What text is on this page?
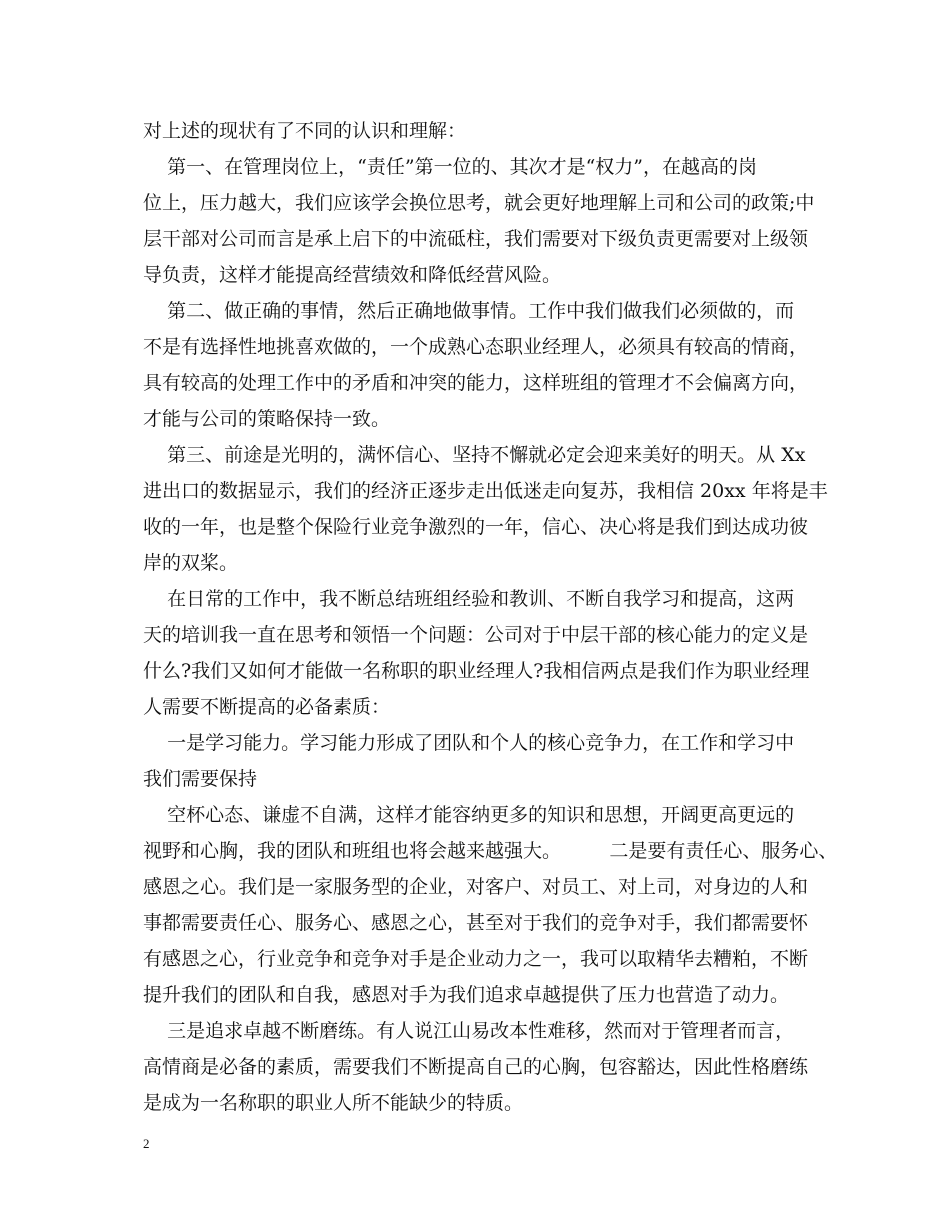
对上述的现状有了不同的认识和理解：
第一、在管理岗位上，“责任”第一位的、其次才是“权力”，在越高的岗
位上，压力越大，我们应该学会换位思考，就会更好地理解上司和公司的政策;中
层干部对公司而言是承上启下的中流砥柱，我们需要对下级负责更需要对上级领
导负责，这样才能提高经营绩效和降低经营风险。
第二、做正确的事情，然后正确地做事情。工作中我们做我们必须做的，而
不是有选择性地挑喜欢做的，一个成熟心态职业经理人，必须具有较高的情商，
具有较高的处理工作中的矛盾和冲突的能力，这样班组的管理才不会偏离方向，
才能与公司的策略保持一致。
第三、前途是光明的，满怀信心、坚持不懈就必定会迎来美好的明天。从 Xx
进出口的数据显示，我们的经济正逐步走出低迷走向复苏，我相信 20xx 年将是丰
收的一年，也是整个保险行业竞争激烈的一年，信心、决心将是我们到达成功彼
岸的双桨。
在日常的工作中，我不断总结班组经验和教训、不断自我学习和提高，这两
天的培训我一直在思考和领悟一个问题：公司对于中层干部的核心能力的定义是
什么?我们又如何才能做一名称职的职业经理人?我相信两点是我们作为职业经理
人需要不断提高的必备素质：
一是学习能力。学习能力形成了团队和个人的核心竞争力，在工作和学习中
我们需要保持
空杯心态、谦虚不自满，这样才能容纳更多的知识和思想，开阔更高更远的
视野和心胸，我的团队和班组也将会越来越强大。        二是要有责任心、服务心、
感恩之心。我们是一家服务型的企业，对客户、对员工、对上司，对身边的人和
事都需要责任心、服务心、感恩之心，甚至对于我们的竞争对手，我们都需要怀
有感恩之心，行业竞争和竞争对手是企业动力之一，我可以取精华去糟粕，不断
提升我们的团队和自我，感恩对手为我们追求卓越提供了压力也营造了动力。
三是追求卓越不断磨练。有人说江山易改本性难移，然而对于管理者而言，
高情商是必备的素质，需要我们不断提高自己的心胸，包容豁达，因此性格磨练
是成为一名称职的职业人所不能缺少的特质。
2
